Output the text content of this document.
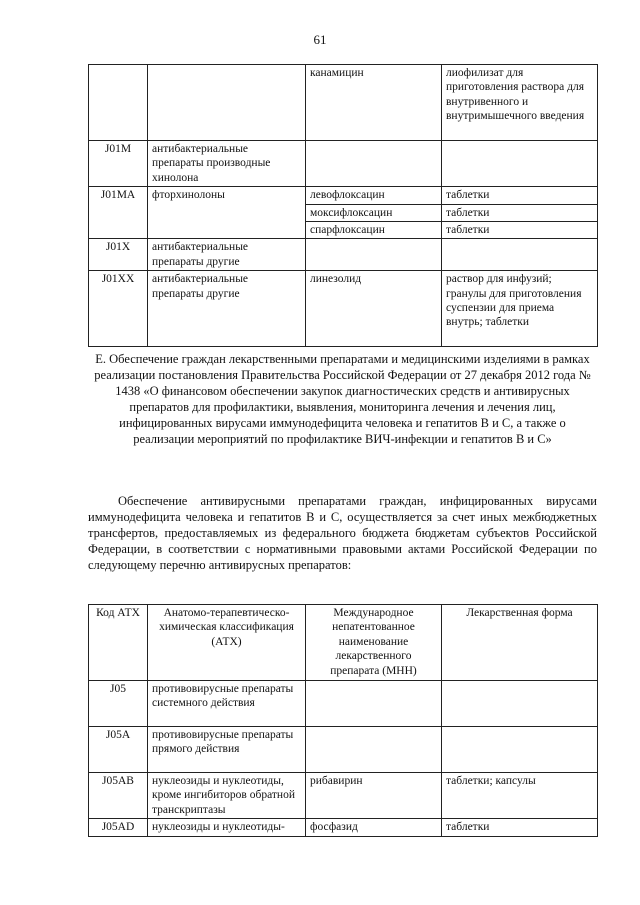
61
		канамицин	лиофилизат для приготовления раствора для внутривенного и внутримышечного введения
J01M	антибактериальные препараты производные хинолона		
J01MA	фторхинолоны	левофлоксацин	таблетки
		моксифлоксацин	таблетки
		спарфлоксацин	таблетки
J01X	антибактериальные препараты другие		
J01XX	антибактериальные препараты другие	линезолид	раствор для инфузий; гранулы для приготовления суспензии для приема внутрь; таблетки
Е. Обеспечение граждан лекарственными препаратами и медицинскими изделиями в рамках реализации постановления Правительства Российской Федерации от 27 декабря 2012 года № 1438 «О финансовом обеспечении закупок диагностических средств и антивирусных препаратов для профилактики, выявления, мониторинга лечения и лечения лиц, инфицированных вирусами иммунодефицита человека и гепатитов В и С, а также о реализации мероприятий по профилактике ВИЧ-инфекции и гепатитов В и С»
Обеспечение антивирусными препаратами граждан, инфицированных вирусами иммунодефицита человека и гепатитов В и С, осуществляется за счет иных межбюджетных трансфертов, предоставляемых из федерального бюджета бюджетам субъектов Российской Федерации, в соответствии с нормативными правовыми актами Российской Федерации по следующему перечню антивирусных препаратов:
Код АТХ	Анатомо-терапевтическо-химическая классификация (АТХ)	Международное непатентованное наименование лекарственного препарата (МНН)	Лекарственная форма
J05	противовирусные препараты системного действия		
J05A	противовирусные препараты прямого действия		
J05AB	нуклеозиды и нуклеотиды, кроме ингибиторов обратной транскриптазы	рибавирин	таблетки; капсулы
J05AD	нуклеозиды и нуклеотиды-	фосфазид	таблетки
